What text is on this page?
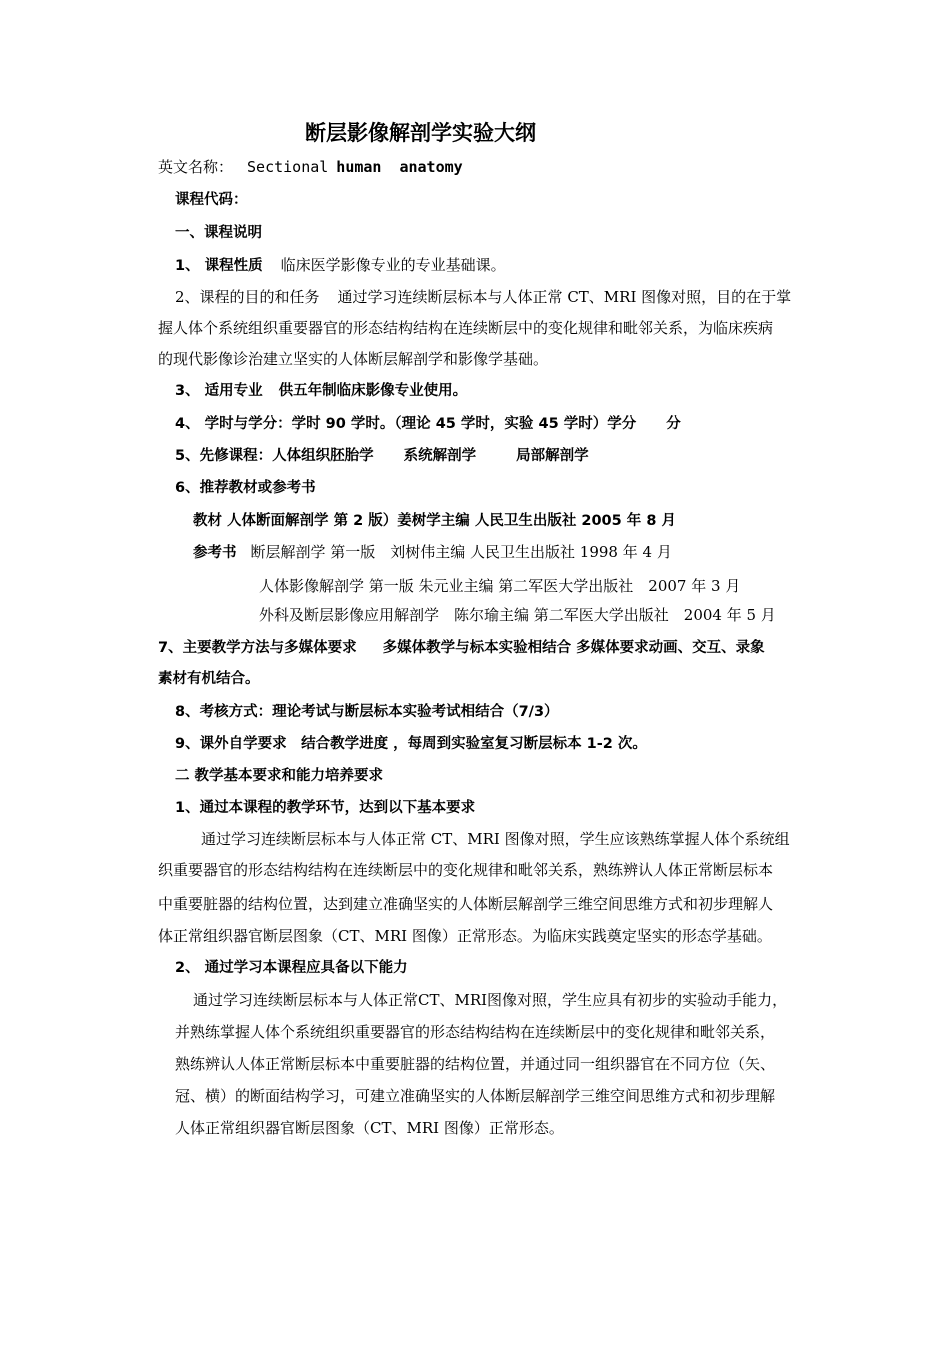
断层影像解剖学实验大纲
英文名称： Sectional human anatomy
课程代码：
一、课程说明
1、 课程性质 临床医学影像专业的专业基础课。
2、课程的目的和任务 通过学习连续断层标本与人体正常 CT、MRI 图像对照，目的在于掌
握人体个系统组织重要器官的形态结构结构在连续断层中的变化规律和毗邻关系，为临床疾病
的现代影像诊治建立坚实的人体断层解剖学和影像学基础。
3、 适用专业 供五年制临床影像专业使用。
4、 学时与学分：学时 90 学时。（理论 45 学时，实验 45 学时）学分 分
5、先修课程：人体组织胚胎学 系统解剖学	局部解剖学
6、推荐教材或参考书
教材 人体断面解剖学 第 2 版）姜树学主编 人民卫生出版社 2005 年 8 月
参考书 断层解剖学 第一版　刘树伟主编 人民卫生出版社 1998 年 4 月
人体影像解剖学 第一版 朱元业主编 第二军医大学出版社　2007 年 3 月
外科及断层影像应用解剖学　陈尔瑜主编 第二军医大学出版社　2004 年 5 月
7、主要教学方法与多媒体要求 多媒体教学与标本实验相结合 多媒体要求动画、交互、录象
素材有机结合。
8、考核方式：理论考试与断层标本实验考试相结合（7/3）
9、课外自学要求　结合教学进度 ，每周到实验室复习断层标本 1-2 次。
二 教学基本要求和能力培养要求
1、通过本课程的教学环节，达到以下基本要求
通过学习连续断层标本与人体正常 CT、MRI 图像对照，学生应该熟练掌握人体个系统组
织重要器官的形态结构结构在连续断层中的变化规律和毗邻关系，熟练辨认人体正常断层标本
中重要脏器的结构位置，达到建立准确坚实的人体断层解剖学三维空间思维方式和初步理解人
体正常组织器官断层图象（CT、MRI 图像）正常形态。为临床实践奠定坚实的形态学基础。
2、 通过学习本课程应具备以下能力
通过学习连续断层标本与人体正常CT、MRI图像对照，学生应具有初步的实验动手能力，
并熟练掌握人体个系统组织重要器官的形态结构结构在连续断层中的变化规律和毗邻关系，
熟练辨认人体正常断层标本中重要脏器的结构位置，并通过同一组织器官在不同方位（矢、
冠、横）的断面结构学习，可建立准确坚实的人体断层解剖学三维空间思维方式和初步理解
人体正常组织器官断层图象（CT、MRI 图像）正常形态。
